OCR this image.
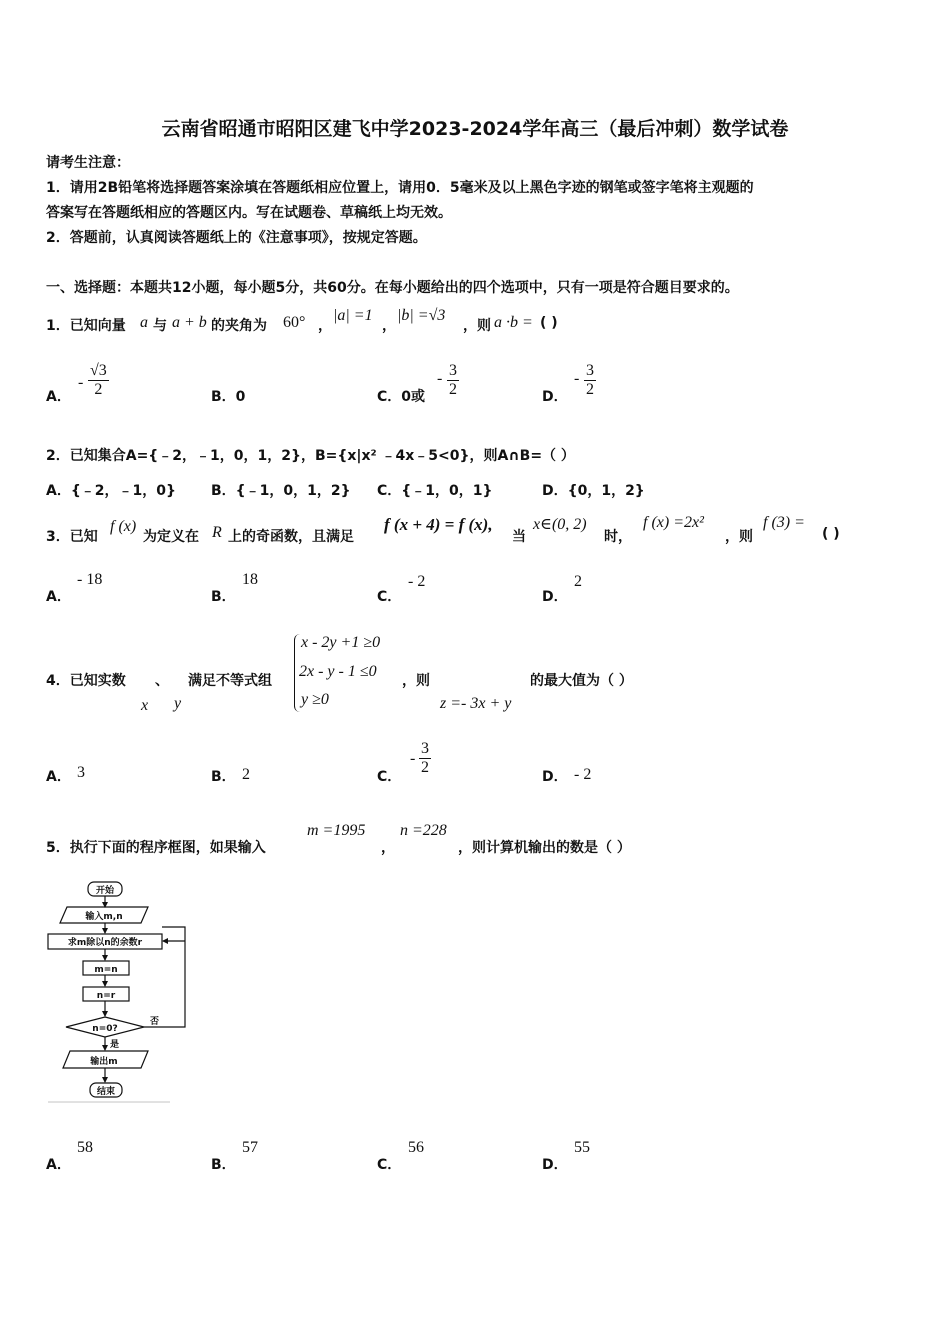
云南省昭通市昭阳区建飞中学2023-2024学年高三（最后冲刺）数学试卷
请考生注意：
1．请用2B铅笔将选择题答案涂填在答题纸相应位置上，请用0．5毫米及以上黑色字迹的钢笔或签字笔将主观题的
答案写在答题纸相应的答题区内。写在试题卷、草稿纸上均无效。
2．答题前，认真阅读答题纸上的《注意事项》，按规定答题。
一、选择题：本题共12小题，每小题5分，共60分。在每小题给出的四个选项中，只有一项是符合题目要求的。
1．已知向量 a 与 a + b 的夹角为 60° ，
|a| =1
，
|b| =√3
，则 a ·b = ( )
A．
- $\frac{√3}{2}$	B．0	C．0或
- $\frac{3}{2}$	D．
- $\frac{3}{2}$
2．已知集合A={﹣2，﹣1，0，1，2}，B={x|x² ﹣4x﹣5<0}，则A∩B=（ ）
A．{﹣2，﹣1，0}	B．{﹣1，0，1，2} C．{﹣1，0，1}	D．{0，1，2}
3．已知
f (x)
为定义在 R 上的奇函数，且满足
f (x + 4) = f (x),
当
x∈(0, 2)
时，
f (x) =2x²
，则
f (3) =
( )
A．
- 18
B．
18
C．
- 2
D．
2
4．已知实数 、 满足不等式组
x y
x - 2y +1 ≥0
2x - y - 1 ≤0
y ≥0
，则
z =- 3x + y
的最大值为（ ）
A． 3	B． 2	C．
- $\frac{3}{2}$	D． - 2
5．执行下面的程序框图，如果输入
m =1995
，
n =228
，则计算机输出的数是（ ）
开始
输入m,n
求m除以n的余数r
m=n
n=r
n=0?
否
是
输出m
结束
A．
58
B．
57
C．
56
D．
55
